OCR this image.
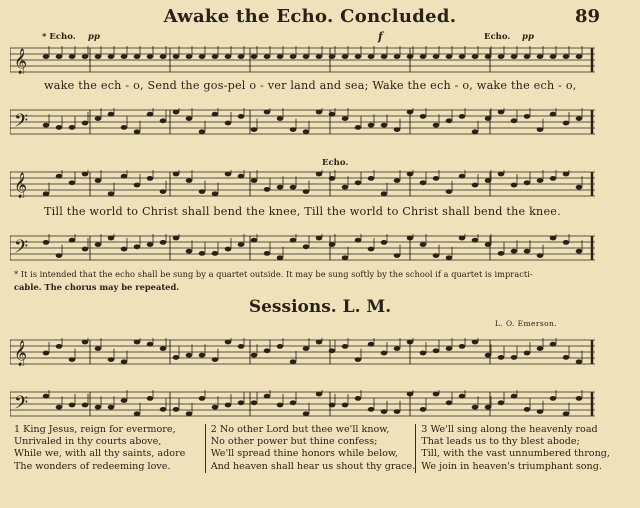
Awake the Echo. Concluded.	89
* Echo. pp	f	Echo. pp
𝄞
wake the ech - o, Send the gos-pel o - ver land and sea; Wake the ech - o, wake the ech - o,
𝄢
Echo.
𝄞
Till the world to Christ shall bend the knee, Till the world to Christ shall bend the knee.
𝄢
* It is intended that the echo shall be sung by a quartet outside. It may be sung softly by the school if a quartet is impracti-
cable. The chorus may be repeated.
Sessions. L. M.
L. O. Emerson.
𝄞
𝄢
1 King Jesus, reign for evermore,
Unrivaled in thy courts above,
While we, with all thy saints, adore
The wonders of redeeming love.
2 No other Lord but thee we'll know,
No other power but thine confess;
We'll spread thine honors while below,
And heaven shall hear us shout thy grace.
3 We'll sing along the heavenly road
That leads us to thy blest abode;
Till, with the vast unnumbered throng,
We join in heaven's triumphant song.
